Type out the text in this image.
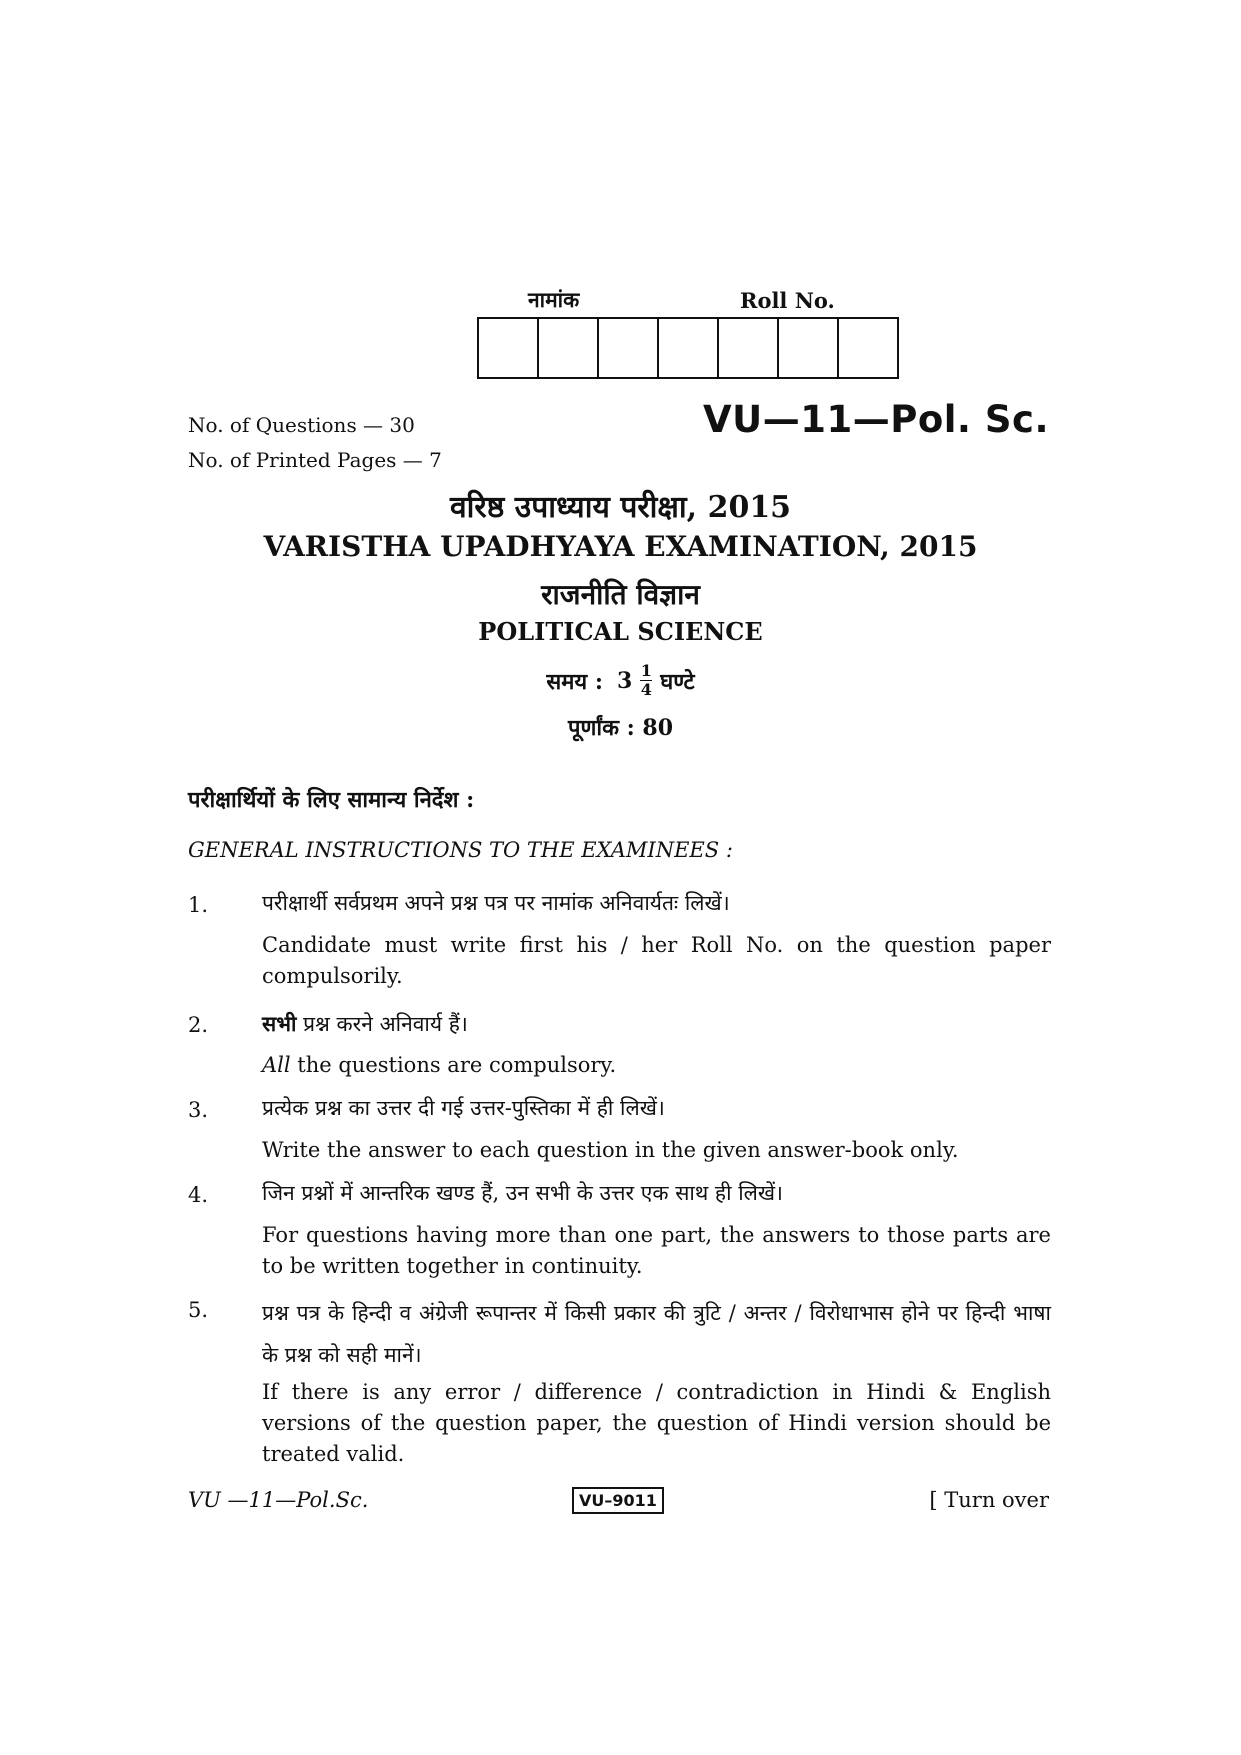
नामांक	Roll No.
No. of Questions — 30
No. of Printed Pages — 7
VU—11—Pol. Sc.
वरिष्ठ उपाध्याय परीक्षा, 2015
VARISTHA UPADHYAYA EXAMINATION, 2015
राजनीति विज्ञान
POLITICAL SCIENCE
समय : $3 \frac{1}{4}$ घण्टे
पूर्णांक : 80
परीक्षार्थियों के लिए सामान्य निर्देश :
GENERAL INSTRUCTIONS TO THE EXAMINEES :
1.	परीक्षार्थी सर्वप्रथम अपने प्रश्न पत्र पर नामांक अनिवार्यतः लिखें।
Candidate must write first his / her Roll No. on the question paper compulsorily.
2.	सभी प्रश्न करने अनिवार्य हैं।
All the questions are compulsory.
3.	प्रत्येक प्रश्न का उत्तर दी गई उत्तर-पुस्तिका में ही लिखें।
Write the answer to each question in the given answer-book only.
4.	जिन प्रश्नों में आन्तरिक खण्ड हैं, उन सभी के उत्तर एक साथ ही लिखें।
For questions having more than one part, the answers to those parts are to be written together in continuity.
5.	प्रश्न पत्र के हिन्दी व अंग्रेजी रूपान्तर में किसी प्रकार की त्रुटि / अन्तर / विरोधाभास होने पर हिन्दी भाषा के प्रश्न को सही मानें।
If there is any error / difference / contradiction in Hindi & English versions of the question paper, the question of Hindi version should be treated valid.
VU —11—Pol.Sc.	VU–9011	[ Turn over
